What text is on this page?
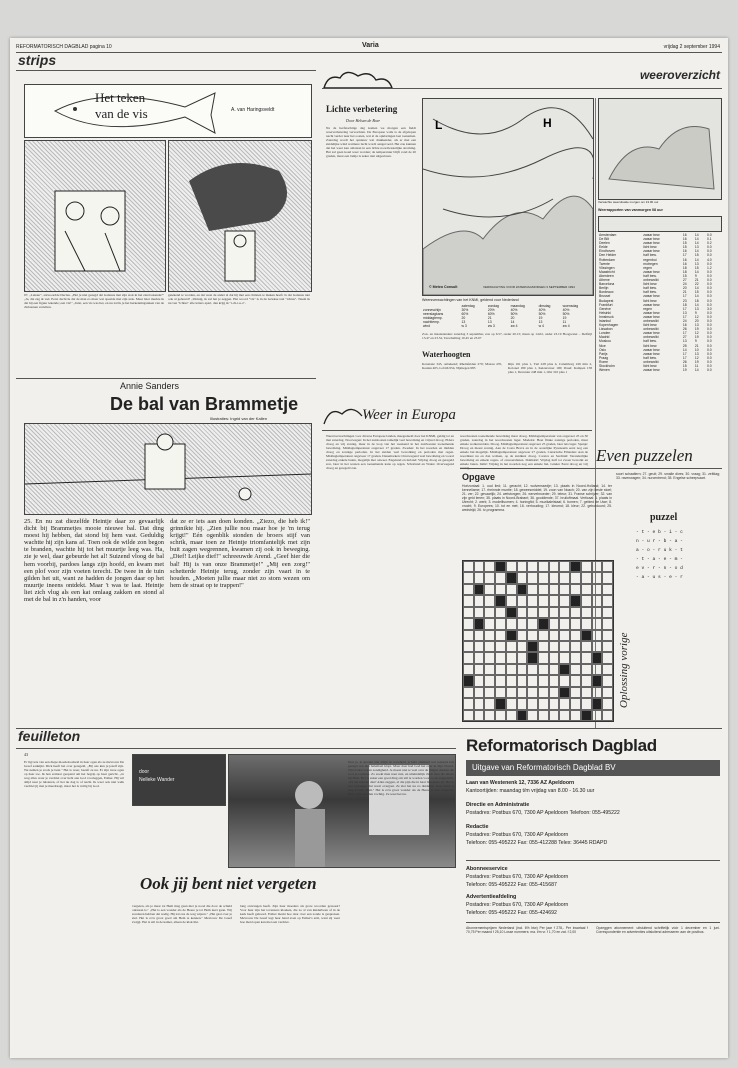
REFORMATORISCH DAGBLAD pagina 10	Varia	vrijdag 2 september 1994
strips
Het teken
van de vis	A. van Haringsveldt
97. „Luister", antwoordde Decius. „Het je niet gezegd dat Galenus met zijn stok in het zand tekende?" „Ja, dat zag ik wel. Eerst dacht ik dat de man zo maar wat speelde met zijn stok. Maar later merkte ik dat hij een figuur tekende; een vis!" „Juist, een vis was het, en nu zal ik je het herkenningsteken van de christenen vertellen.
getekend te worden, en dat weet de ander al dat hij met een christen te maken heeft. Is dat Galenus niet ook al gebeurd? „Weinig, ik zal het je zeggen. Het woord "vis" is in de Griekse taal "ichtus". Neem ik nu van "ichtus" alle letters apart, dan krijg ik "i-ch-t-u-s".
Annie Sanders
De bal van Brammetje
Illustraties: Ingrid van der Kallen
25. En nu zat diezelfde Heintje daar zo gevaarlijk dicht bij Brammetjes mooie nieuwe bal. Dat ding moest hij hebben, dat stond bij hem vast. Geduldig wachtte hij zijn kans af. Toen ook de wilde zon begon te branden, wachtte hij tot het muurtje leeg was. Ha, zie je wel, daar gebeurde het al! Suizend vloog de bal hem voorbij, pardoes langs zijn hoofd, en kwam met een plof voor zijn voeten terecht. De twee in de tuin gilden het uit, want ze hadden de jongen daar op het muurtje ineens ontdekt. Maar 't was te laat. Heintje liet zich vlug als een kat omlaag zakken en stond al met de bal in z'n handen, voor
dat ze er iets aan doen konden. „Ziezo, die heb ik!" grinnikte hij. „Zien jullie nou maar hoe je 'm terug krijgt!" Eén ogenblik stonden de broers stijf van schrik, maar toen ze Heintje triomfantelijk met zijn buit zagen wegrennen, kwamen zij ook in beweging. „Dief! Leijke dief!" schreeuwde Arend. „Geef hier die bal! Hij is van onze Brammetje!" „Mij een zorg!" schetterde Heintje terug, zonder zijn vaart in te houden. „Moeten jullie maar niet zo stom wezen om hem de straat op te trappen!"
weeroverzicht
Lichte verbetering
Door Helsen de Boer
Na de herfstachtige dag komen we morgen een fieldt weerverbetering verwachten. De Europese wolk is de afgelopen nacht verder naar het oosten, wat al de opklaringen laat toenemen. Zaterdag wordt het opnieuw wat drukkender, als er met een zuidelijke wind warmere lucht wordt aangevoerd. Het zou kunnen dat het weer kan omslaan in een lichte noordwestelijke stroming. Het zal geen koud weer worden; de temperatuur blijft rond de 20 graden, maar een buitje is zeker niet uitgesloten.
L	H
© Meteo Consult	VERWACHTING VOOR ZATERDAGMORGEN 3 SEPTEMBER 1994
Weersverwachtingen van het KNMI, geldend voor Nederland
	zaterdag	zondag	maandag	dinsdag	woensdag
zonneschijn	30%	20%	40%	40%	40%
neerslagkans	60%	60%	50%	50%	50%
middagtemp.	20	21	20	19	19
nachttemp.	13	13	14	13	11
wind	w 3	zw 3	zw 4	w 4	zw 4
Zon- en maanstanden: zaterdag 3 september, zon op 6.57, onder 20.15; maan op 14.02, onder 23.19 Hoogwater – Delfzijl 13.47 en 23.52, Terschelling 10.45 en 23.07
Waterhoogten
Konstanz 345, onbekend; Rheinfelden 270; Maxau 470, Keulen 405, Lobith 954, Nijmegen 985
Rijn 161 plus 1, Tiel 228 plus 4, Culemborg 226 min 2, Kolonel 180 plus 1, Keizersveer 100; IJssel: Kampen 158 plus 1, Deventer 248 min 1, Olst 310 plus 1
Verwachte weersituatie morgen om 13.00 uur
Weerrapporten van vanmorgen 08 uur
Amsterdam	zwaar bew.	16	14	0.0
De Bilt	zwaar bew.	16	14	0.1
Deelen	zwaar bew.	15	14	0.2
Eelde	licht bew.	15	13	0.0
Eindhoven	zwaar bew.	16	14	0.0
Den Helder	half bew.	17	15	0.0
Rotterdam	regenbui	16	14	4.0
Twente	motregen	16	13	0.0
Vlissingen	regen	18	15	1.2
Maastricht	zwaar bew.	18	14	0.0
Aberdeen	half bew.	15	9	0.0
Athene	onbewolkt	27	21	0.0
Barcelona	licht bew.	24	22	0.0
Berlijn	half bew.	20	14	0.0
Bordeaux	half bew.	21	15	0.0
Brussel	zwaar bew.	17	14	0.0
Budapest	licht bew.	23	18	0.0
Frankfurt	zwaar bew.	18	14	0.0
Genève	regen	17	13	3.0
Helsinki	zwaar bew.	13	9	0.0
Innsbruck	zwaar bew.	17	12	0.0
Istanbul	onbewolkt	24	20	0.0
Kopenhagen	licht bew.	16	13	0.0
Lissabon	onbewolkt	26	19	0.0
Londen	zwaar bew.	17	12	0.0
Madrid	onbewolkt	27	19	0.0
Moskou	half bew.	13	9	0.0
Nice	licht bew.	25	21	0.0
Oslo	zwaar bew.	14	10	0.0
Parijs	zwaar bew.	17	13	0.0
Praag	half bew.	17	12	0.0
Rome	onbewolkt	26	19	0.0
Stockholm	licht bew.	15	11	0.0
Wenen	zwaar bew.	19	14	0.0
Weer in Europa
Weersverwachtingen voor diverse Europese landen, meegedeeld door het KNMI, geldig tot en met zaterdag. Noorwegen: In het zuidoosten tamelijk veel bewolking en vrijwel droog. Elders droog en vrij zonnig, maar in de loop van het weekend in het zuidwesten toenemende bewolking. Middagtemperatuur ongeveer 17 graden. Zweden: In het noorden en midden droog en zonnige perioden. In het zuiden veel bewolking en perioden met regen. Middagtemperatuur ongeveer 17 graden. Denemarken: Overwegend veel bewolking en vooral zaterdag enkele buien, mogelijk met onweer. Engeland en Ierland: Vrijdag droog en geregeld zon, later in het westen een toenemende kans op regen. Schotland en Wales: Overwegend droog en geregeld zon.
noordwesten toenemende bewolking maar droog. Middagtemperatuur van ongeveer 25 en 30 graden, zaterdag in het noordwesten lager. Madeira: Heet flinke zonnige perioden, maar enkele wolkenvelden. Droog. Middagtemperatuur ongeveer 25 graden, later iets lager. Spanje: Droog en meest zonnig. Aan de Costa Brava en in de oostelijke Pyreneeën eerst nog een enkele bui mogelijk. Middagtemperatuur ongeveer 27 graden. Canarische Eilanden: Aan de noordkust nu en dan wolken, op de zuidkust droog. Corsica en Sardinië: Veranderlijke bewolking en enkele regen- of onweersbuien. Dalmatië: Vrijdag half tot zwaar bewolkt en enkele buien. Italië: Vrijdag in het noorden nog een enkele bui. Grieks: Eerst droog en vrij Even puzzelen
Opgave
Horizontaal: 1. oud lied; 11. geracht; 12. wolvenssedje; 13. plaats in Noord-Holland; 14. ter kenneliame; 17. rheinnde muntie; 18. geweesmiddel; 19. zoon van Noach; 20. van zijn beste stoel; 21. ver; 22. gevaarlijk; 24. wetstongen; 26. wervelmoeder; 29. teleur; 31. Franse schrijver; 32. van zijn geld lenen; 35. plaats in Noord-Brabant; 36. gooidiende; 37. bruiloftmaal. Verticaal: 1. plaats in Utrecht; 2. werk; 3. modelllsomen; 4. honingfid; 5. muzikaleistaal; 6. bomen; 7. gebied de Uwe; 8. vrucht; 9. Europees; 10. tot en met; 16. verhouding; 17. kleurnd; 18. kleur; 22. geborduurd; 25. wedstrijd; 26. tv-programma.
soort schaaltern; 27. geuit; 29. smalle dives; 30. vraag; 31. zelfdag; 33. ravenwagen; 34. nurcentrend; 35. Engelse scheepvaart.
Oplossing vorige
puzzel
- t - e b - i - c
n - u r - b - a -
a - o - r u k - t
- t - a - e - m -
e v - r - n - o d
- a - u s - e - r
feuilleton
43
Er ligt iets van een diepe moedeloosheid in haar ogen als ze mevrouw De Greef aankijkt. Dick heeft het over geregeld, „Bij ons kun je jezelf zijn. We nemen je zoals je bent." Het is waar, bezeft ze nu. Er zijn twee ogen op haar toe. Ik ben zomaar geopend om het begrip op haar gericht. „Je weg alles waar je verdriet over hebt aan God voorleggen, Esther. Hij wil altijd naar je luisteren, of het nu dag is of nacht. Ik weet ook niet welk verdriet jij met je meedraagt, maar het is veilig bij God.
door
Nelleke Wander
Ook jij bent niet vergeten
vergeten, als je maar tot Hem mag gaan met je nood die door de schuld ontstaan is." „Het is een wonder als de Heere je tot Hem leert gaan. Wij zondaren hebben dat nodig. Hij zal ons de weg wijzen." „Het gaat over je ziel. Het is zo'n groot goed om Hem te kennen." Mevrouw De Greef zwijgt. Het is stil in de kamer, alleen de klok tikt.
lang ontvangen heeft. Zijn haar moeders als grote woorden geweest? Voor haar zijn het tovenaars kloeken, die zo al van kinderbeen af in de kerk heeft gehoord. Esther merkt hoe daar over een zonde is gesproken. Mevrouw De Greef legt haar hand even op Esther's arm, want zij weet hoe men lopen kan met een verdriet.
Nou ja, je spreekt niet altijd de waarheid, je hebt allemaal wel weleens iets gezegd wat niet helemaal klopt. Maar daar had God het over in Zijn Woord. Zijn daden waren zondigheid. Je moest niet te veel over de dingen denken die God je toedient. Zo zoekt men naar rust, en uiteindelijk vindt men die alleen bij Hem. Het is zeker een goed ding om stil te worden voor Gods aangezicht. „En dat hebben dan? Alles zeggen, al die pijn die in haar binnenste zit. Het is een verlangen dat nooit overgaat. Ze ziet het nu zo duidelijk: haar leven is leeg zonder Hem." Het is zo'n groot wonder als de Heere je kan vergeven. Haar ogen worden vochtig. Ze weet het nu.
Reformatorisch Dagblad
Uitgave van Reformatorisch Dagblad BV
Laan van Westenenk 12, 7336 AZ Apeldoorn
Kantoortijden: maandag t/m vrijdag van 8.00 - 16.30 uur
Directie en Administratie
Postadres: Postbus 670, 7300 AP Apeldoorn Telefoon: 055-495222
Redactie
Postadres: Postbus 670, 7300 AP Apeldoorn
Telefoon: 055-495222 Fax: 055-412288 Telex: 36445 RDAPD
Abonneeservice
Postadres: Postbus 670, 7300 AP Apeldoorn
Telefoon: 055-495222 Fax: 055-415687
Advertentieafdeling
Postadres: Postbus 670, 7300 AP Apeldoorn
Telefoon: 055-495222 Fax: 055-424692
Abonnementsprijzen Nederland (incl. 6% btw) Per jaar f 278,- Per kwartaal f 70,75 Per maand f 25,10 Losse nummers: ma. t/m vr. f 1,70 en zat. f 2,00
Opzeggen abonnement: uitsluitend schriftelijk vóór 1 december en 1 juni. Correspondentie en advertenties uitsluitend adresseren aan de postbus.
